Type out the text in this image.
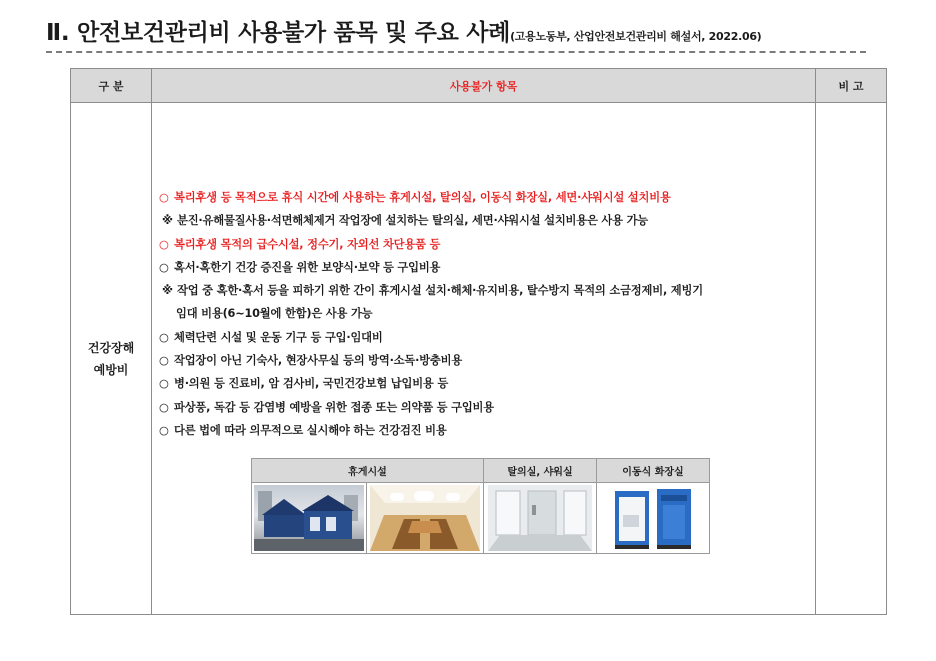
Ⅱ. 안전보건관리비 사용불가 품목 및 주요 사례(고용노동부, 산업안전보건관리비 해설서, 2022.06)
구 분	사용불가 항목	비 고

건강장해
예방비

○ 복리후생 등 목적으로 휴식 시간에 사용하는 휴게시설, 탈의실, 이동식 화장실, 세면·샤워시설 설치비용
※ 분진·유해물질사용·석면해체제거 작업장에 설치하는 탈의실, 세면·샤워시설 설치비용은 사용 가능
○ 복리후생 목적의 급수시설, 정수기, 자외선 차단용품 등
○ 혹서·혹한기 건강 증진을 위한 보양식·보약 등 구입비용
※ 작업 중 혹한·혹서 등을 피하기 위한 간이 휴게시설 설치·해체·유지비용, 탈수방지 목적의 소금정제비, 제빙기
임대 비용(6~10월에 한함)은 사용 가능
○ 체력단련 시설 및 운동 기구 등 구입·임대비
○ 작업장이 아닌 기숙사, 현장사무실 등의 방역·소독·방충비용
○ 병·의원 등 진료비, 암 검사비, 국민건강보험 납입비용 등
○ 파상풍, 독감 등 감염병 예방을 위한 접종 또는 의약품 등 구입비용
○ 다른 법에 따라 의무적으로 실시해야 하는 건강검진 비용
휴게시설	탈의실, 샤워실	이동식 화장실
